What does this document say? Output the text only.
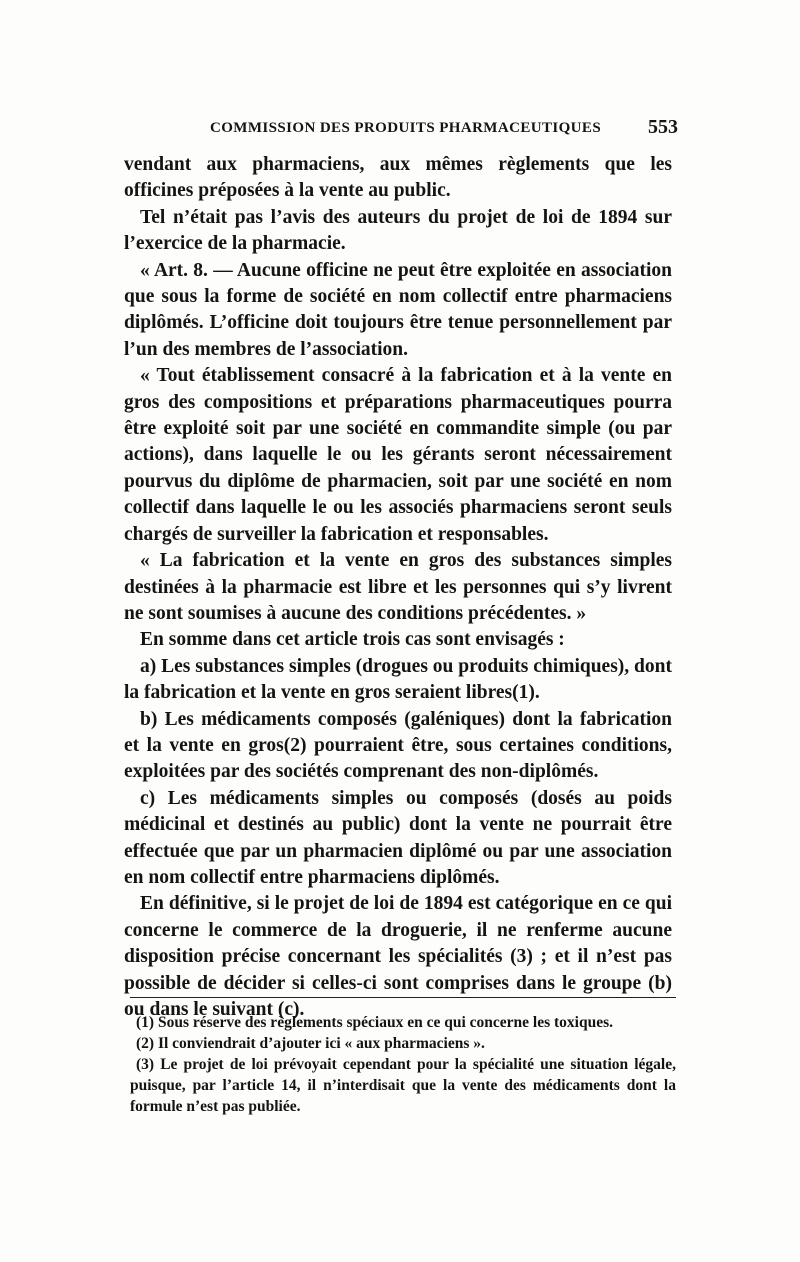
COMMISSION DES PRODUITS PHARMACEUTIQUES 553

vendant aux pharmaciens, aux mêmes règlements que les officines préposées à la vente au public.

Tel n’était pas l’avis des auteurs du projet de loi de 1894 sur l’exercice de la pharmacie.

« Art. 8. — Aucune officine ne peut être exploitée en association que sous la forme de société en nom collectif entre pharmaciens diplômés. L’officine doit toujours être tenue personnellement par l’un des membres de l’association.

« Tout établissement consacré à la fabrication et à la vente en gros des compositions et préparations pharmaceutiques pourra être exploité soit par une société en commandite simple (ou par actions), dans laquelle le ou les gérants seront nécessairement pourvus du diplôme de pharmacien, soit par une société en nom collectif dans laquelle le ou les associés pharmaciens seront seuls chargés de surveiller la fabrication et responsables.

« La fabrication et la vente en gros des substances simples destinées à la pharmacie est libre et les personnes qui s’y livrent ne sont soumises à aucune des conditions précédentes. »

En somme dans cet article trois cas sont envisagés :

a) Les substances simples (drogues ou produits chimiques), dont la fabrication et la vente en gros seraient libres(1).

b) Les médicaments composés (galéniques) dont la fabrication et la vente en gros(2) pourraient être, sous certaines conditions, exploitées par des sociétés comprenant des non-diplômés.

c) Les médicaments simples ou composés (dosés au poids médicinal et destinés au public) dont la vente ne pourrait être effectuée que par un pharmacien diplômé ou par une association en nom collectif entre pharmaciens diplômés.

En définitive, si le projet de loi de 1894 est catégorique en ce qui concerne le commerce de la droguerie, il ne renferme aucune disposition précise concernant les spécialités (3) ; et il n’est pas possible de décider si celles-ci sont comprises dans le groupe (b) ou dans le suivant (c).

(1) Sous réserve des règlements spéciaux en ce qui concerne les toxiques.

(2) Il conviendrait d’ajouter ici « aux pharmaciens ».

(3) Le projet de loi prévoyait cependant pour la spécialité une situation légale, puisque, par l’article 14, il n’interdisait que la vente des médicaments dont la formule n’est pas publiée.
